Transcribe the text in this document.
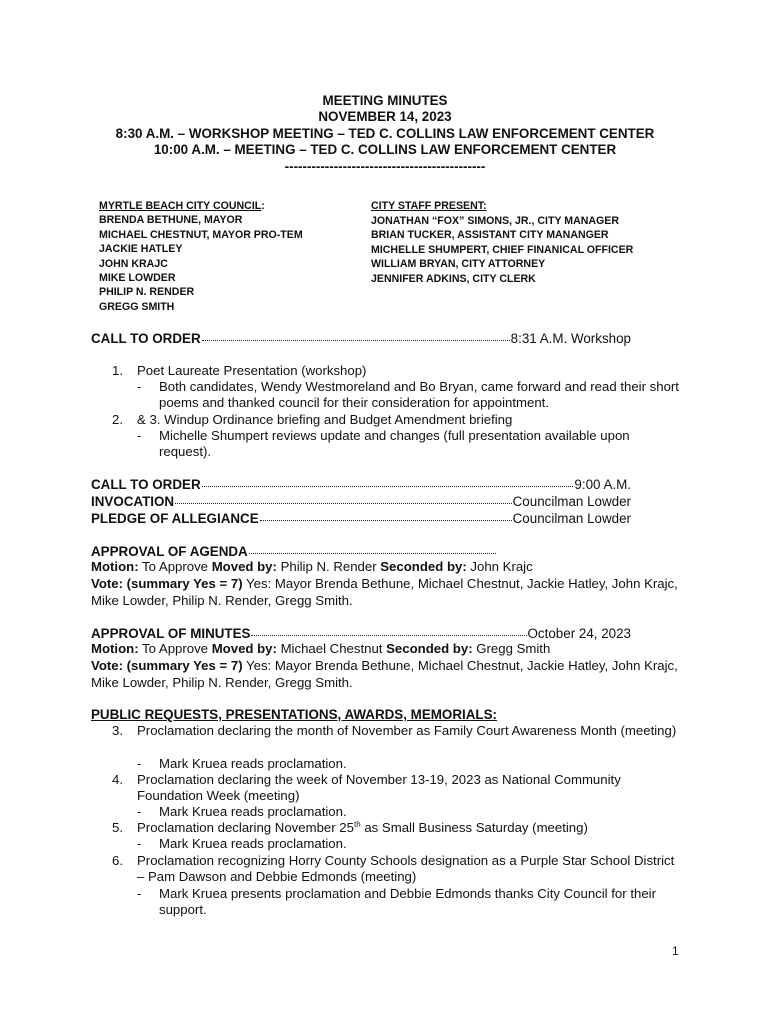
MEETING MINUTES
NOVEMBER 14, 2023
8:30 A.M. – WORKSHOP MEETING – TED C. COLLINS LAW ENFORCEMENT CENTER
10:00 A.M. – MEETING – TED C. COLLINS LAW ENFORCEMENT CENTER
---------------------------------------------
MYRTLE BEACH CITY COUNCIL:
BRENDA BETHUNE, MAYOR
MICHAEL CHESTNUT, MAYOR PRO-TEM
JACKIE HATLEY
JOHN KRAJC
MIKE LOWDER
PHILIP N. RENDER
GREGG SMITH
CITY STAFF PRESENT:
JONATHAN “FOX” SIMONS, JR., CITY MANAGER
BRIAN TUCKER, ASSISTANT CITY MANANGER
MICHELLE SHUMPERT, CHIEF FINANICAL OFFICER
WILLIAM BRYAN, CITY ATTORNEY
JENNIFER ADKINS, CITY CLERK
CALL TO ORDER	8:31 A.M. Workshop
1. Poet Laureate Presentation (workshop)
- Both candidates, Wendy Westmoreland and Bo Bryan, came forward and read their short poems and thanked council for their consideration for appointment.
2. & 3. Windup Ordinance briefing and Budget Amendment briefing
- Michelle Shumpert reviews update and changes (full presentation available upon request).
CALL TO ORDER	9:00 A.M.
INVOCATION	Councilman Lowder
PLEDGE OF ALLEGIANCE	Councilman Lowder
APPROVAL OF AGENDA
Motion: To Approve Moved by: Philip N. Render Seconded by: John Krajc
Vote: (summary Yes = 7) Yes: Mayor Brenda Bethune, Michael Chestnut, Jackie Hatley, John Krajc, Mike Lowder, Philip N. Render, Gregg Smith.
APPROVAL OF MINUTES	October 24, 2023
Motion: To Approve Moved by: Michael Chestnut Seconded by: Gregg Smith
Vote: (summary Yes = 7) Yes: Mayor Brenda Bethune, Michael Chestnut, Jackie Hatley, John Krajc, Mike Lowder, Philip N. Render, Gregg Smith.
PUBLIC REQUESTS, PRESENTATIONS, AWARDS, MEMORIALS:
3. Proclamation declaring the month of November as Family Court Awareness Month (meeting)
- Mark Kruea reads proclamation.
4. Proclamation declaring the week of November 13-19, 2023 as National Community Foundation Week (meeting)
- Mark Kruea reads proclamation.
5. Proclamation declaring November 25th as Small Business Saturday (meeting)
- Mark Kruea reads proclamation.
6. Proclamation recognizing Horry County Schools designation as a Purple Star School District – Pam Dawson and Debbie Edmonds (meeting)
- Mark Kruea presents proclamation and Debbie Edmonds thanks City Council for their support.
1
